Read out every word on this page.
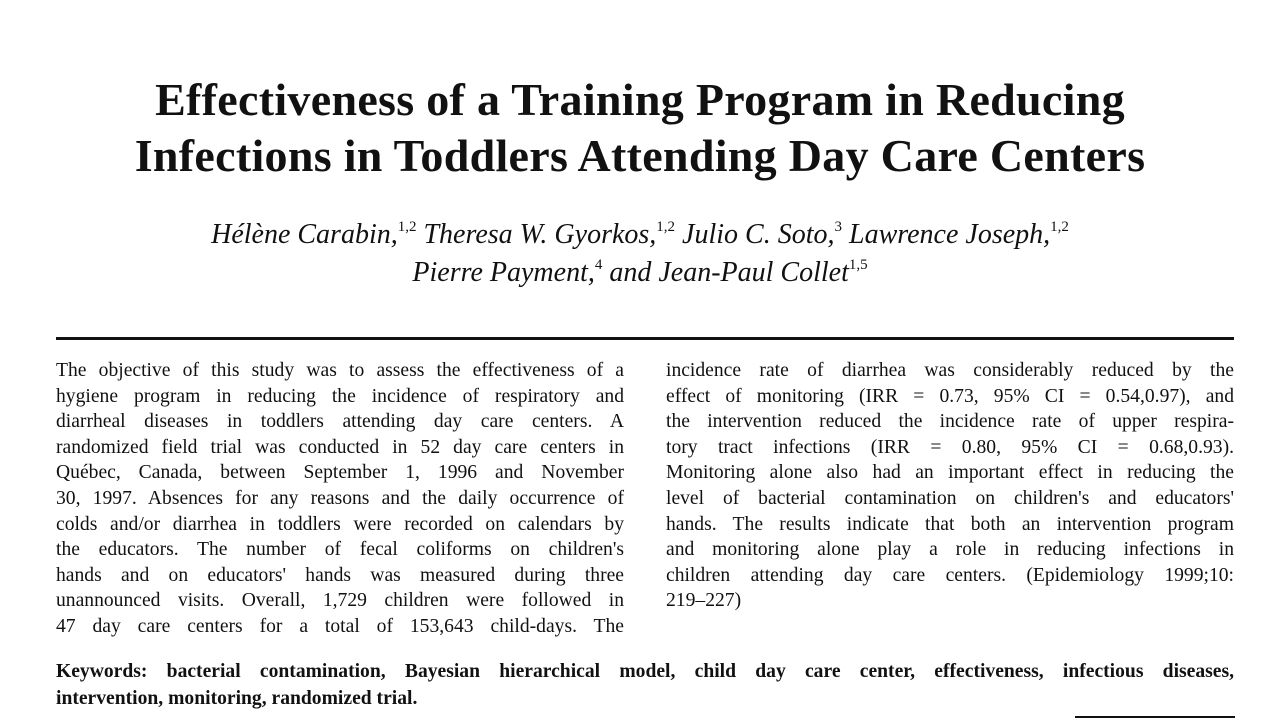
Effectiveness of a Training Program in Reducing
Infections in Toddlers Attending Day Care Centers
Hélène Carabin,$^{1,2}$ Theresa W. Gyorkos,$^{1,2}$ Julio C. Soto,$^3$ Lawrence Joseph,$^{1,2}$
Pierre Payment,$^4$ and Jean-Paul Collet$^{1,5}$
The objective of this study was to assess the effectiveness of a
hygiene program in reducing the incidence of respiratory and
diarrheal diseases in toddlers attending day care centers. A
randomized field trial was conducted in 52 day care centers in
Québec, Canada, between September 1, 1996 and November
30, 1997. Absences for any reasons and the daily occurrence of
colds and/or diarrhea in toddlers were recorded on calendars by
the educators. The number of fecal coliforms on children's
hands and on educators' hands was measured during three
unannounced visits. Overall, 1,729 children were followed in
47 day care centers for a total of 153,643 child-days. The
incidence rate of diarrhea was considerably reduced by the
effect of monitoring (IRR = 0.73, 95% CI = 0.54,0.97), and
the intervention reduced the incidence rate of upper respira-
tory tract infections (IRR = 0.80, 95% CI = 0.68,0.93).
Monitoring alone also had an important effect in reducing the
level of bacterial contamination on children's and educators'
hands. The results indicate that both an intervention program
and monitoring alone play a role in reducing infections in
children attending day care centers. (Epidemiology 1999;10:
219–227)
Keywords: bacterial contamination, Bayesian hierarchical model, child day care center, effectiveness, infectious diseases,
intervention, monitoring, randomized trial.
